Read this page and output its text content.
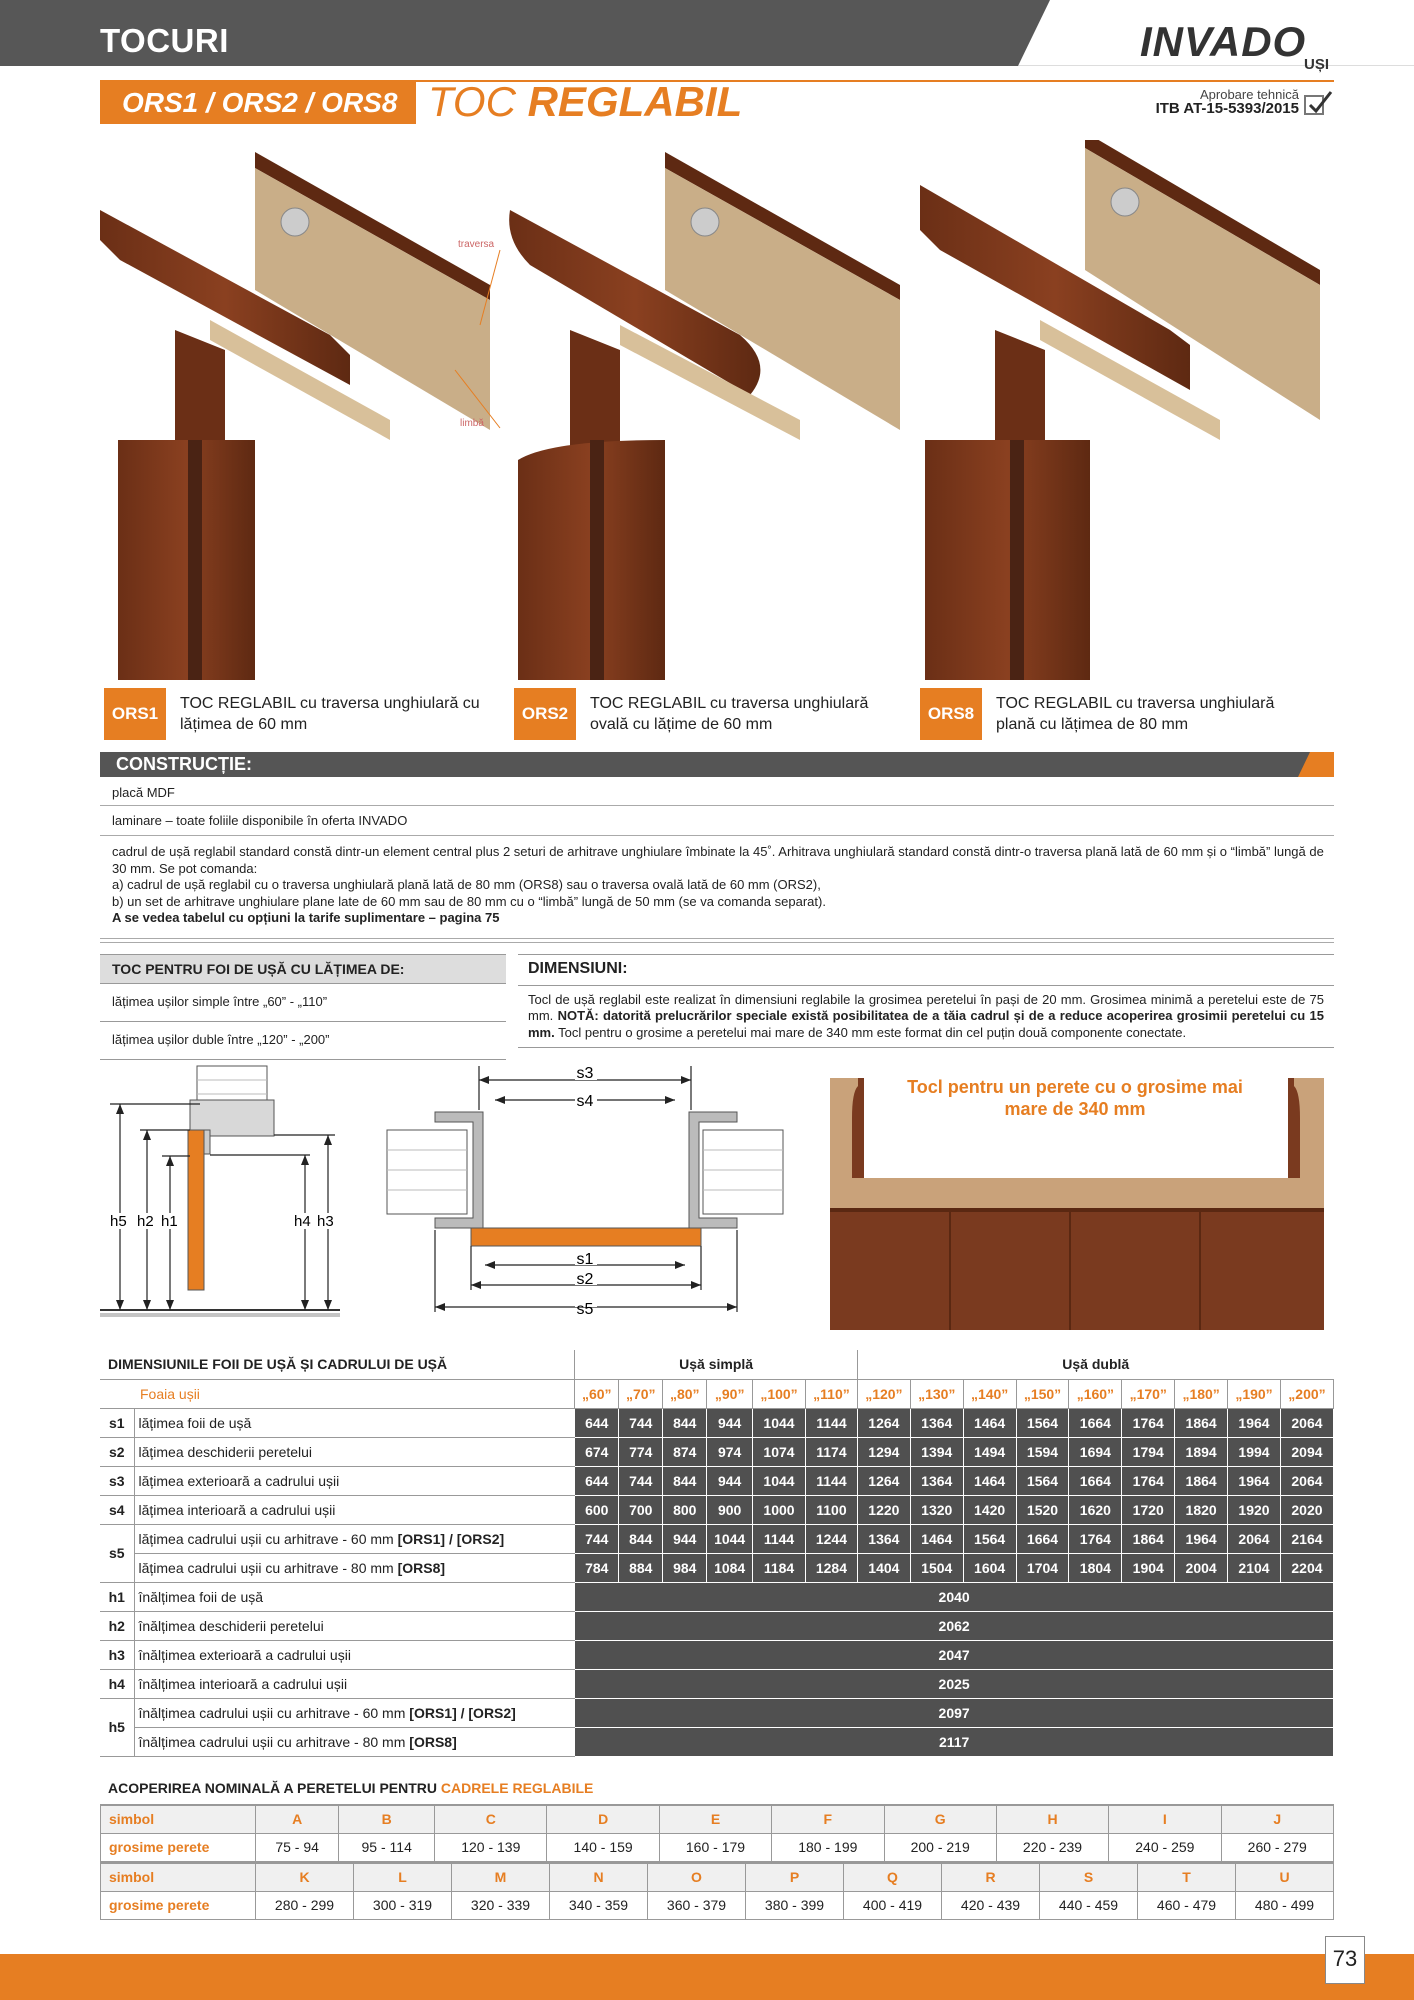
TOCURI	INVADO
UȘI
ORS1 / ORS2 / ORS8 TOC REGLABIL	Aprobare tehnică
ITB AT-15-5393/2015
traversa
limbă
ORS1
TOC REGLABIL cu traversa unghiulară cu lățimea de 60 mm
ORS2
TOC REGLABIL cu traversa unghiulară ovală cu lățime de 60 mm
ORS8
TOC REGLABIL cu traversa unghiulară plană cu lățimea de 80 mm
CONSTRUCȚIE:
placă MDF
laminare – toate foliile disponibile în oferta INVADO
cadrul de ușă reglabil standard constă dintr-un element central plus 2 seturi de arhitrave unghiulare îmbinate la 45˚. Arhitrava unghiulară standard constă dintr-o traversa plană lată de 60 mm și o “limbă” lungă de 30 mm. Se pot comanda:
a) cadrul de ușă reglabil cu o traversa unghiulară plană lată de 80 mm (ORS8) sau o traversa ovală lată de 60 mm (ORS2),
b) un set de arhitrave unghiulare plane late de 60 mm sau de 80 mm cu o “limbă” lungă de 50 mm (se va comanda separat).
A se vedea tabelul cu opțiuni la tarife suplimentare – pagina 75
TOC PENTRU FOI DE UȘĂ CU LĂȚIMEA DE:
lățimea ușilor simple între „60” - „110”
lățimea ușilor duble între „120” - „200”
DIMENSIUNI:
Tocl de ușă reglabil este realizat în dimensiuni reglabile la grosimea peretelui în pași de 20 mm. Grosimea minimă a peretelui este de 75 mm. NOTĂ: datorită prelucrărilor speciale există posibilitatea de a tăia cadrul și de a reduce acoperirea grosimii peretelui cu 15 mm. Tocl pentru o grosime a peretelui mai mare de 340 mm este format din cel puțin două componente conectate.
h5 h2 h1	h4 h3
s3
s4
s1
s2
s5
Tocl pentru un perete cu o grosime mai mare de 340 mm
DIMENSIUNILE FOII DE UȘĂ ȘI CADRULUI DE UȘĂ		Ușă simplă						Ușă dublă								
Foaia ușii		„60”	„70”	„80”	„90”	„100”	„110”	„120”	„130”	„140”	„150”	„160”	„170”	„180”	„190”	„200”
s1	lățimea foii de ușă	644	744	844	944	1044	1144	1264	1364	1464	1564	1664	1764	1864	1964	2064
s2	lățimea deschiderii peretelui	674	774	874	974	1074	1174	1294	1394	1494	1594	1694	1794	1894	1994	2094
s3	lățimea exterioară a cadrului ușii	644	744	844	944	1044	1144	1264	1364	1464	1564	1664	1764	1864	1964	2064
s4	lățimea interioară a cadrului ușii	600	700	800	900	1000	1100	1220	1320	1420	1520	1620	1720	1820	1920	2020
s5	lățimea cadrului ușii cu arhitrave - 60 mm [ORS1] / [ORS2]	744	844	944	1044	1144	1244	1364	1464	1564	1664	1764	1864	1964	2064	2164
	lățimea cadrului ușii cu arhitrave - 80 mm [ORS8]	784	884	984	1084	1184	1284	1404	1504	1604	1704	1804	1904	2004	2104	2204
h1	înălțimea foii de ușă	2040														
h2	înălțimea deschiderii peretelui	2062														
h3	înălțimea exterioară a cadrului ușii	2047														
h4	înălțimea interioară a cadrului ușii	2025														
h5	înălțimea cadrului ușii cu arhitrave - 60 mm [ORS1] / [ORS2]	2097														
	înălțimea cadrului ușii cu arhitrave - 80 mm [ORS8]	2117														
ACOPERIREA NOMINALĂ A PERETELUI PENTRU CADRELE REGLABILE
simbol	A	B	C	D	E	F	G	H	I	J
grosime perete	75 - 94	95 - 114	120 - 139	140 - 159	160 - 179	180 - 199	200 - 219	220 - 239	240 - 259	260 - 279
simbol	K	L	M	N	O	P	Q	R	S	T	U
grosime perete	280 - 299	300 - 319	320 - 339	340 - 359	360 - 379	380 - 399	400 - 419	420 - 439	440 - 459	460 - 479	480 - 499
73
